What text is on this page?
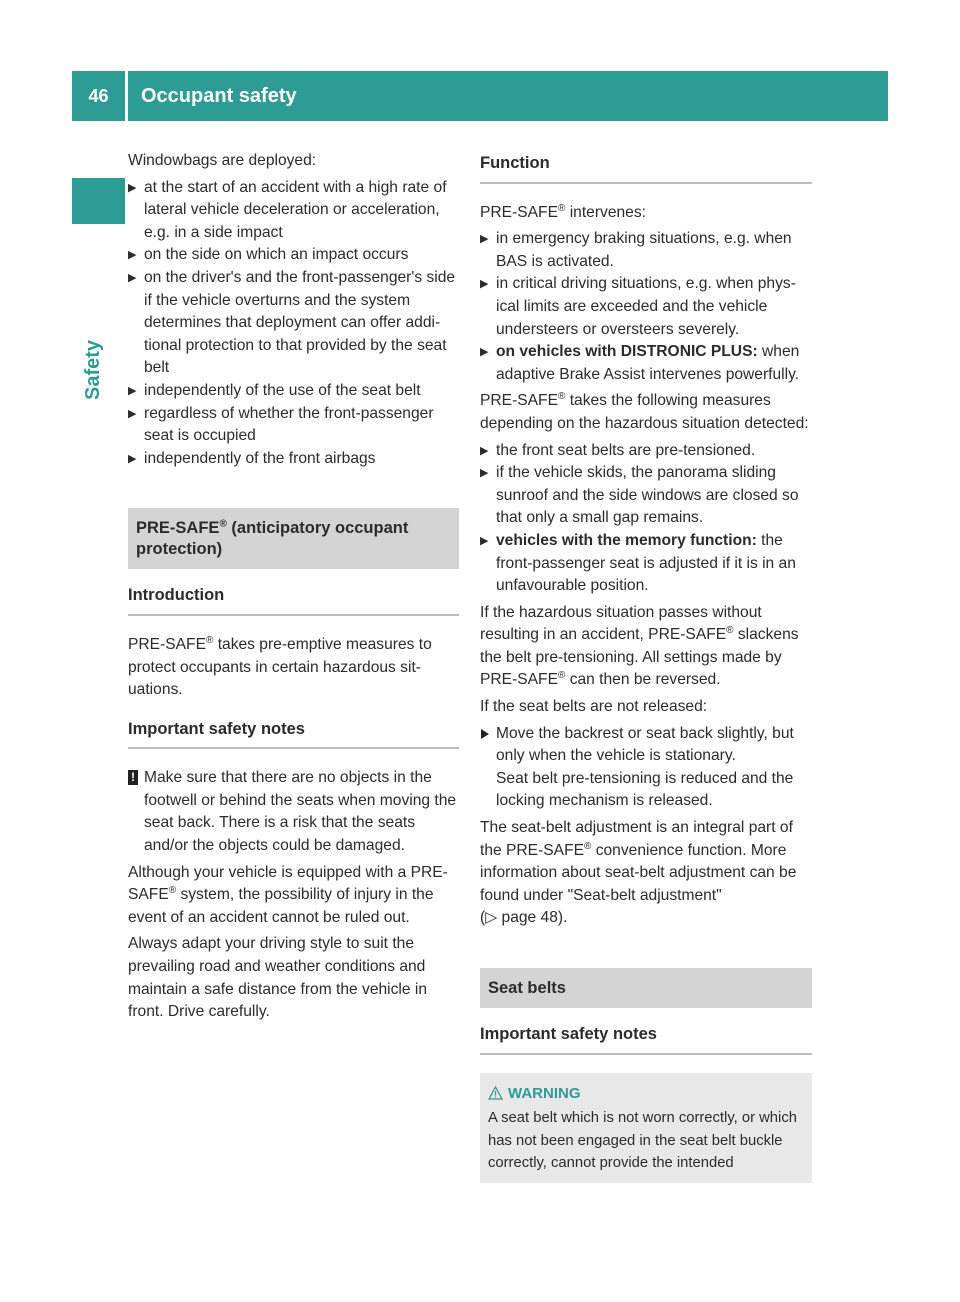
46	Occupant safety
Safety

Windowbags are deployed:

▶ at the start of an accident with a high rate of lateral vehicle deceleration or acceleration, e.g. in a side impact
▶ on the side on which an impact occurs
▶ on the driver's and the front-passenger's side if the vehicle overturns and the system determines that deployment can offer additional protection to that provided by the seat belt
▶ independently of the use of the seat belt
▶ regardless of whether the front-passenger seat is occupied
▶ independently of the front airbags
PRE-SAFE® (anticipatory occupant protection)
Introduction

PRE-SAFE® takes pre-emptive measures to protect occupants in certain hazardous situations.

Important safety notes
! Make sure that there are no objects in the footwell or behind the seats when moving the seat back. There is a risk that the seats and/or the objects could be damaged.

Although your vehicle is equipped with a PRE-SAFE® system, the possibility of injury in the event of an accident cannot be ruled out.

Always adapt your driving style to suit the prevailing road and weather conditions and maintain a safe distance from the vehicle in front. Drive carefully.

Function

PRE-SAFE® intervenes:

▶ in emergency braking situations, e.g. when BAS is activated.
▶ in critical driving situations, e.g. when physical limits are exceeded and the vehicle understeers or oversteers severely.
▶ on vehicles with DISTRONIC PLUS: when adaptive Brake Assist intervenes powerfully.

PRE-SAFE® takes the following measures depending on the hazardous situation detected:

▶ the front seat belts are pre-tensioned.
▶ if the vehicle skids, the panorama sliding sunroof and the side windows are closed so that only a small gap remains.
▶ vehicles with the memory function: the front-passenger seat is adjusted if it is in an unfavourable position.

If the hazardous situation passes without resulting in an accident, PRE-SAFE® slackens the belt pre-tensioning. All settings made by PRE-SAFE® can then be reversed.

If the seat belts are not released:

Move the backrest or seat back slightly, but only when the vehicle is stationary.
Seat belt pre-tensioning is reduced and the locking mechanism is released.

The seat-belt adjustment is an integral part of the PRE-SAFE® convenience function. More information about seat-belt adjustment can be found under "Seat-belt adjustment"
(▷ page 48).

Seat belts
Important safety notes
WARNING
A seat belt which is not worn correctly, or which has not been engaged in the seat belt buckle correctly, cannot provide the intended
